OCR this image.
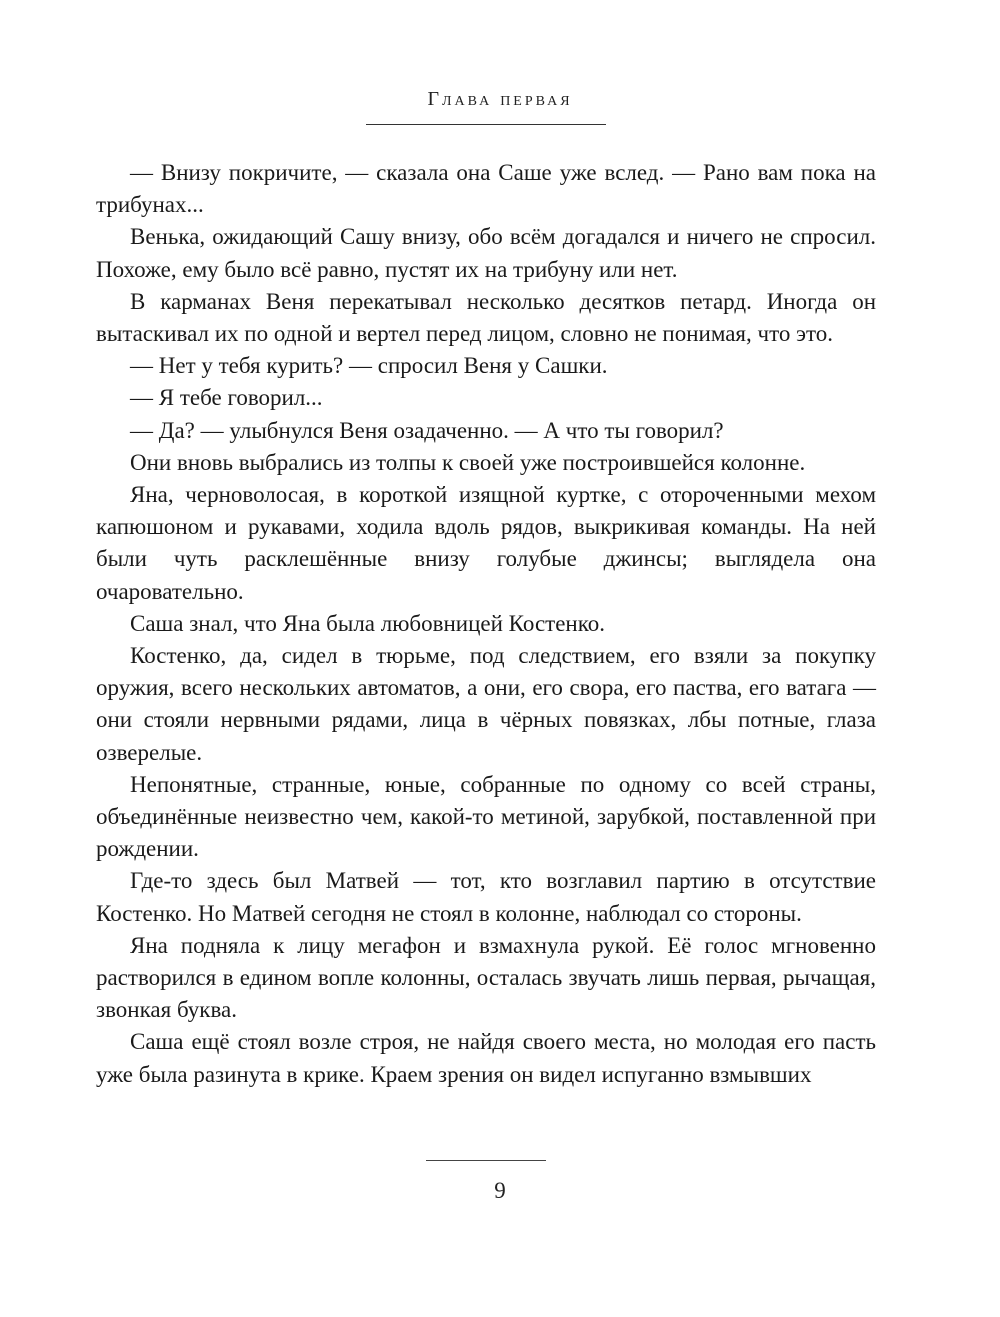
Глава первая

— Внизу покричите, — сказала она Саше уже вслед. — Рано вам пока на трибунах...

Венька, ожидающий Сашу внизу, обо всём догадался и ничего не спросил. Похоже, ему было всё равно, пустят их на трибуну или нет.

В карманах Веня перекатывал несколько десятков петард. Иногда он вытаскивал их по одной и вертел перед лицом, словно не понимая, что это.

— Нет у тебя курить? — спросил Веня у Сашки.

— Я тебе говорил...

— Да? — улыбнулся Веня озадаченно. — А что ты говорил?

Они вновь выбрались из толпы к своей уже построившейся колонне.

Яна, черноволосая, в короткой изящной куртке, с отороченными мехом капюшоном и рукавами, ходила вдоль рядов, выкрикивая команды. На ней были чуть расклешённые внизу голубые джинсы; выглядела она очаровательно.

Саша знал, что Яна была любовницей Костенко.

Костенко, да, сидел в тюрьме, под следствием, его взяли за покупку оружия, всего нескольких автоматов, а они, его свора, его паства, его ватага — они стояли нервными рядами, лица в чёрных повязках, лбы потные, глаза озверелые.

Непонятные, странные, юные, собранные по одному со всей страны, объединённые неизвестно чем, какой-то метиной, зарубкой, поставленной при рождении.

Где-то здесь был Матвей — тот, кто возглавил партию в отсутствие Костенко. Но Матвей сегодня не стоял в колонне, наблюдал со стороны.

Яна подняла к лицу мегафон и взмахнула рукой. Её голос мгновенно растворился в едином вопле колонны, осталась звучать лишь первая, рычащая, звонкая буква.

Саша ещё стоял возле строя, не найдя своего места, но молодая его пасть уже была разинута в крике. Краем зрения он видел испуганно взмывших

9
